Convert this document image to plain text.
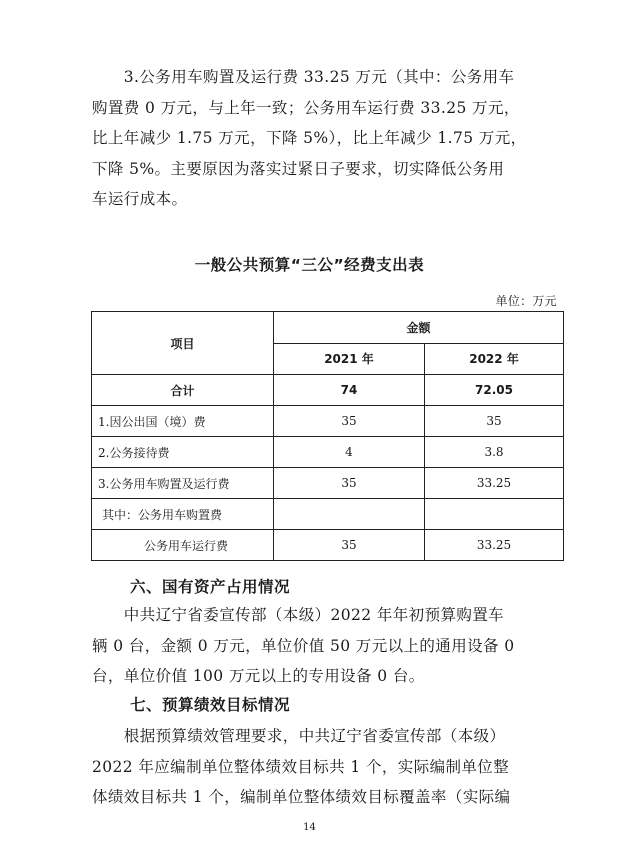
　　3.公务用车购置及运行费 33.25 万元（其中：公务用车
购置费 0 万元，与上年一致；公务用车运行费 33.25 万元，
比上年减少 1.75 万元，下降 5%），比上年减少 1.75 万元，
下降 5%。主要原因为落实过紧日子要求，切实降低公务用
车运行成本。
一般公共预算“三公”经费支出表
单位：万元
项目	金额	
	2021 年	2022 年
合计	74	72.05
1.因公出国（境）费	35	35
2.公务接待费	4	3.8
3.公务用车购置及运行费	35	33.25
其中：公务用车购置费		
公务用车运行费	35	33.25
六、国有资产占用情况
　　中共辽宁省委宣传部（本级）2022 年年初预算购置车
辆 0 台，金额 0 万元，单位价值 50 万元以上的通用设备 0
台，单位价值 100 万元以上的专用设备 0 台。
七、预算绩效目标情况
　　根据预算绩效管理要求，中共辽宁省委宣传部（本级）
2022 年应编制单位整体绩效目标共 1 个，实际编制单位整
体绩效目标共 1 个，编制单位整体绩效目标覆盖率（实际编
14
